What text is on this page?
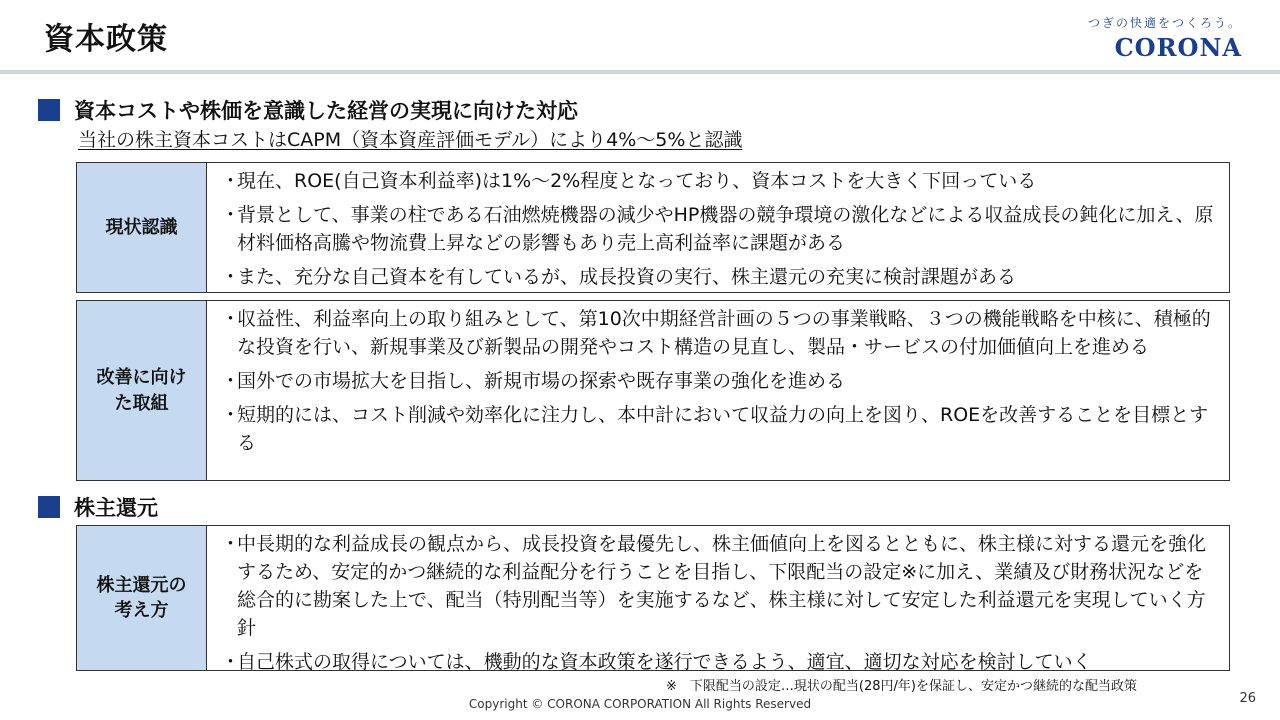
資本政策	つぎの快適をつくろう。
CORONA
資本コストや株価を意識した経営の実現に向けた対応
当社の株主資本コストはCAPM（資本資産評価モデル）により4%～5%と認識
現状認識
・
現在、ROE(自己資本利益率)は1%～2%程度となっており、資本コストを大きく下回っている
・
背景として、事業の柱である石油燃焼機器の減少やHP機器の競争環境の激化などによる収益成長の鈍化に加え、原材料価格高騰や物流費上昇などの影響もあり売上高利益率に課題がある
・
また、充分な自己資本を有しているが、成長投資の実行、株主還元の充実に検討課題がある
改善に向けた取組
・
収益性、利益率向上の取り組みとして、第10次中期経営計画の５つの事業戦略、３つの機能戦略を中核に、積極的な投資を行い、新規事業及び新製品の開発やコスト構造の見直し、製品・サービスの付加価値向上を進める
・
国外での市場拡大を目指し、新規市場の探索や既存事業の強化を進める
・
短期的には、コスト削減や効率化に注力し、本中計において収益力の向上を図り、ROEを改善することを目標とする
株主還元
株主還元の考え方
・
中長期的な利益成長の観点から、成長投資を最優先し、株主価値向上を図るとともに、株主様に対する還元を強化するため、安定的かつ継続的な利益配分を行うことを目指し、下限配当の設定※に加え、業績及び財務状況などを総合的に勘案した上で、配当（特別配当等）を実施するなど、株主様に対して安定した利益還元を実現していく方針
・
自己株式の取得については、機動的な資本政策を遂行できるよう、適宜、適切な対応を検討していく
※　下限配当の設定…現状の配当(28円/年)を保証し、安定かつ継続的な配当政策
Copyright © CORONA CORPORATION All Rights Reserved	26
